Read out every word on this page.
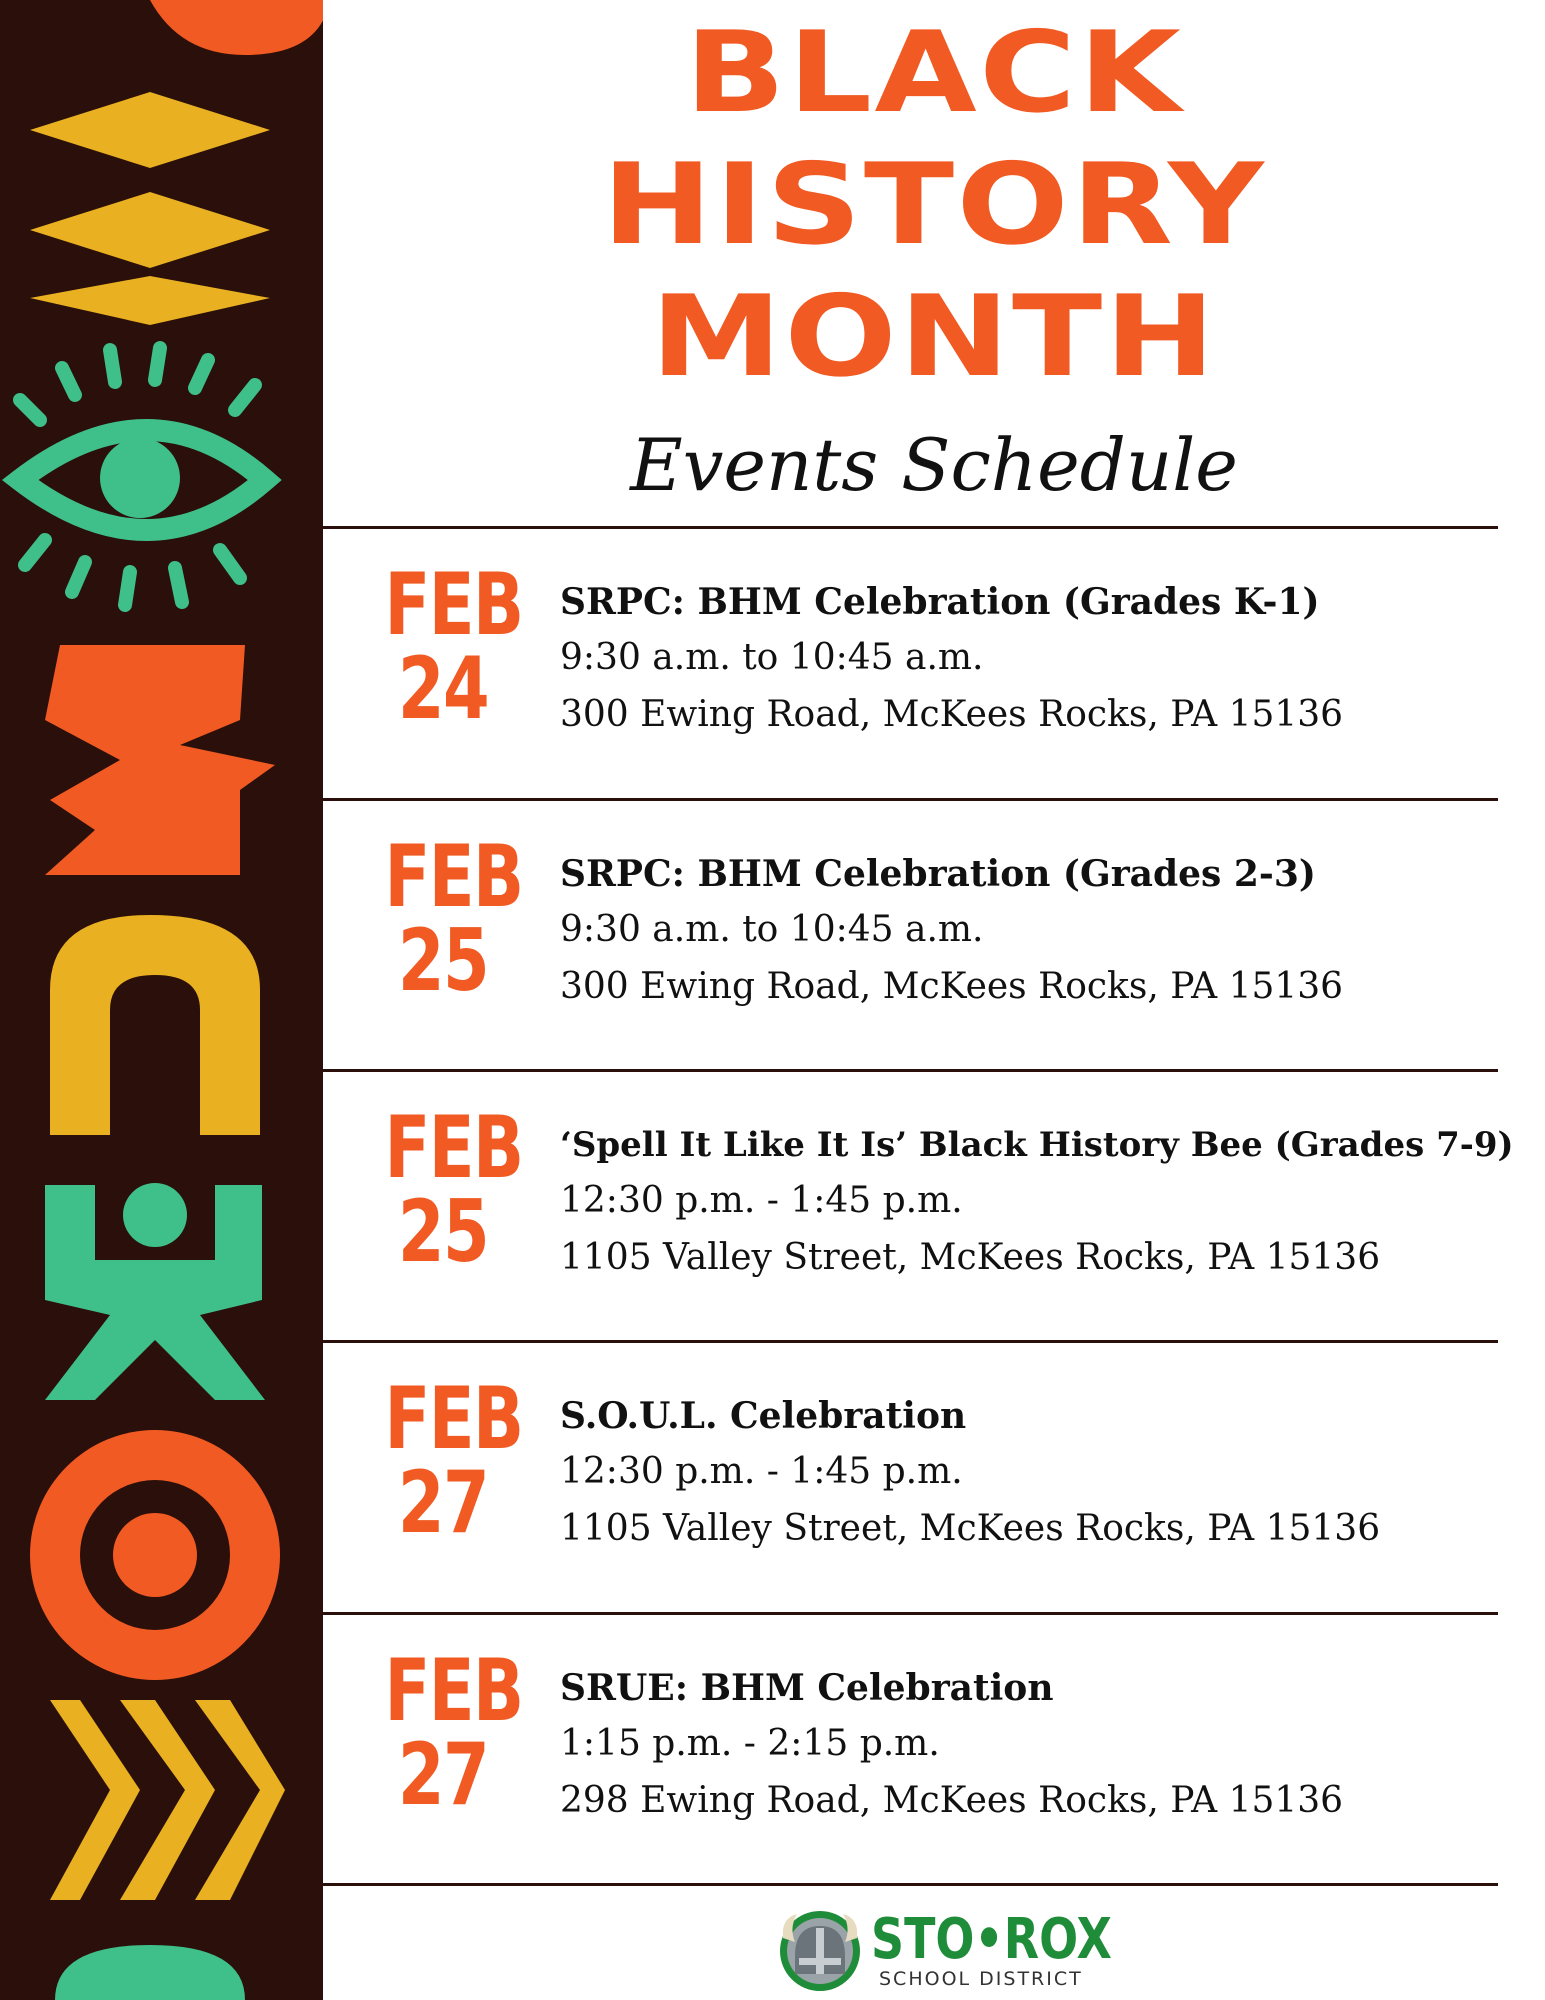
BLACK
HISTORY
MONTH
Events Schedule
FEB
24
SRPC: BHM Celebration (Grades K-1)
9:30 a.m. to 10:45 a.m.
300 Ewing Road, McKees Rocks, PA 15136
FEB
25
SRPC: BHM Celebration (Grades 2-3)
9:30 a.m. to 10:45 a.m.
300 Ewing Road, McKees Rocks, PA 15136
FEB
25
‘Spell It Like It Is’ Black History Bee (Grades 7-9)
12:30 p.m. - 1:45 p.m.
1105 Valley Street, McKees Rocks, PA 15136
FEB
27
S.O.U.L. Celebration
12:30 p.m. - 1:45 p.m.
1105 Valley Street, McKees Rocks, PA 15136
FEB
27
SRUE: BHM Celebration
1:15 p.m. - 2:15 p.m.
298 Ewing Road, McKees Rocks, PA 15136
STO•ROX
SCHOOL DISTRICT
